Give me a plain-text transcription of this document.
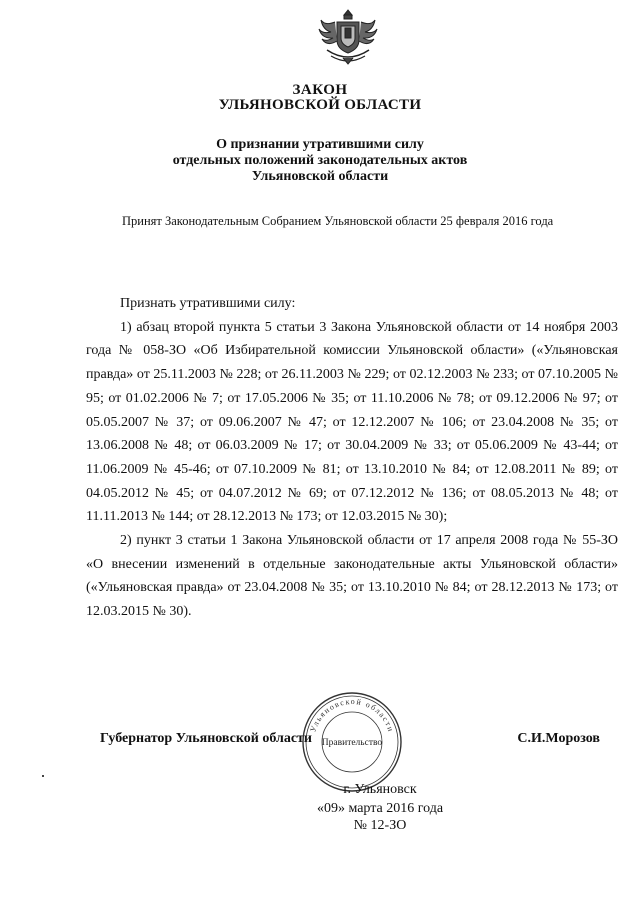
ЗАКОН
УЛЬЯНОВСКОЙ ОБЛАСТИ
О признании утратившими силу
отдельных положений законодательных актов
Ульяновской области
Принят Законодательным Собранием Ульяновской области 25 февраля 2016 года

Признать утратившими силу:

1) абзац второй пункта 5 статьи 3 Закона Ульяновской области от 14 ноября 2003 года № 058-ЗО «Об Избирательной комиссии Ульяновской области» («Ульяновская правда» от 25.11.2003 № 228; от 26.11.2003 № 229; от 02.12.2003 № 233; от 07.10.2005 № 95; от 01.02.2006 № 7; от 17.05.2006 № 35; от 11.10.2006 № 78; от 09.12.2006 № 97; от 05.05.2007 № 37; от 09.06.2007 № 47; от 12.12.2007 № 106; от 23.04.2008 № 35; от 13.06.2008 № 48; от 06.03.2009 № 17; от 30.04.2009 № 33; от 05.06.2009 № 43-44; от 11.06.2009 № 45-46; от 07.10.2009 № 81; от 13.10.2010 № 84; от 12.08.2011 № 89; от 04.05.2012 № 45; от 04.07.2012 № 69; от 07.12.2012 № 136; от 08.05.2013 № 48; от 11.11.2013 № 144; от 28.12.2013 № 173; от 12.03.2015 № 30);

2) пункт 3 статьи 1 Закона Ульяновской области от 17 апреля 2008 года № 55-ЗО «О внесении изменений в отдельные законодательные акты Ульяновской области» («Ульяновская правда» от 23.04.2008 № 35; от 13.10.2010 № 84; от 28.12.2013 № 173; от 12.03.2015 № 30).

Губернатор Ульяновской области	С.И.Морозов
Ульяновской области
Правительство
г. Ульяновск
«09» марта 2016 года
№ 12-ЗО
